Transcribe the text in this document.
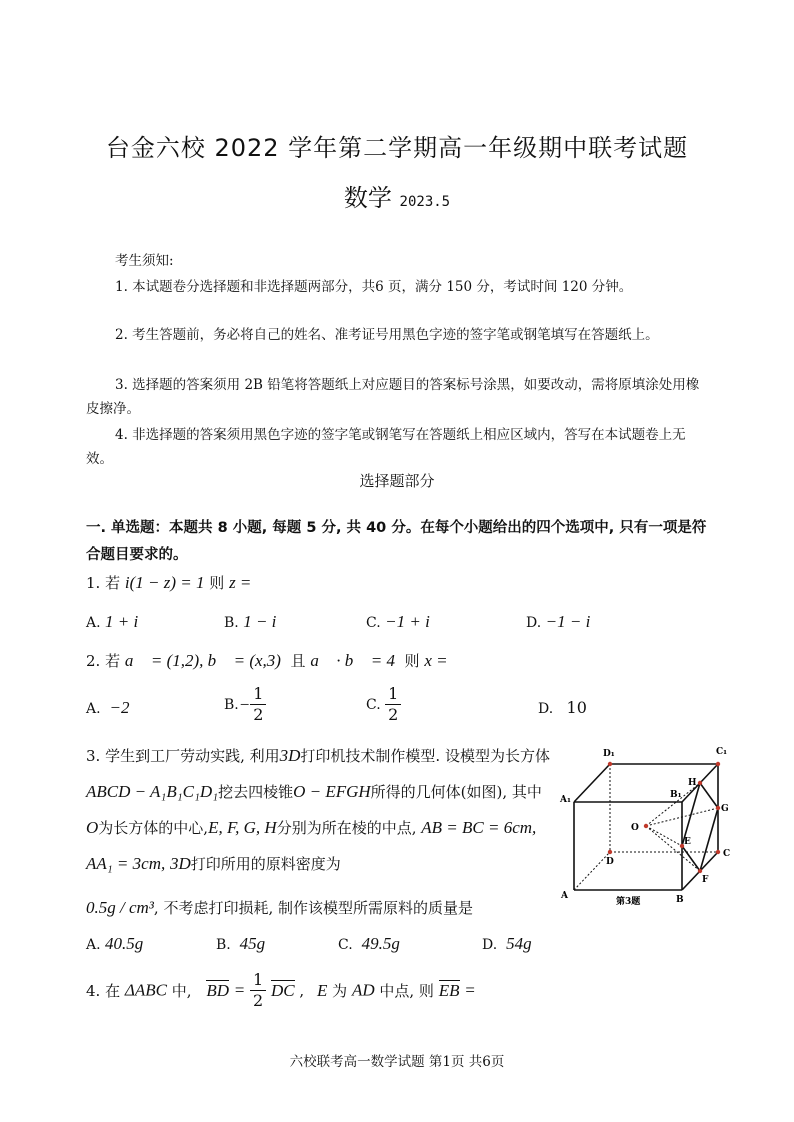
台金六校 2022 学年第二学期高一年级期中联考试题
数学 2023.5
考生须知:
1. 本试题卷分选择题和非选择题两部分，共6 页，满分 150 分，考试时间 120 分钟。
2. 考生答题前，务必将自己的姓名、准考证号用黑色字迹的签字笔或钢笔填写在答题纸上。
3. 选择题的答案须用 2B 铅笔将答题纸上对应题目的答案标号涂黑，如要改动，需将原填涂处用橡皮擦净。
4. 非选择题的答案须用黑色字迹的签字笔或钢笔写在答题纸上相应区域内，答写在本试题卷上无效。
选择题部分
一. 单选题：本题共 8 小题, 每题 5 分, 共 40 分。在每个小题给出的四个选项中, 只有一项是符合题目要求的。
1. 若 i(1 − z) = 1 则 z =
A. 1 + i	B. 1 − i	C. −1 + i	D. −1 − i
2. 若 a⃗ = (1,2), b⃗ = (x,3) 且 a⃗ · b⃗ = 4 则 x =
A. −2	$B.- \frac{1}{2}$	C. $\frac{1}{2}$	D. 10
3. 学生到工厂劳动实践, 利用3D打印机技术制作模型. 设模型为长方体 ABCD − A₁B₁C₁D₁挖去四棱锥O − EFGH所得的几何体(如图), 其中 O为长方体的中心,E, F, G, H分别为所在棱的中点, AB = BC = 6cm, AA₁ = 3cm, 3D打印所用的原料密度为
0.5g / cm³, 不考虑打印损耗, 制作该模型所需原料的质量是
D₁	C₁
A₁	B₁
H
G
O
E
D
C
F
A	B
第3题
A. 40.5g	B. 45g	C. 49.5g	D. 54g
4. 在 ΔABC 中, BD = $\frac{1}{2}$ DC , E 为 AD 中点, 则 EB =
六校联考高一数学试题 第1页 共6页
